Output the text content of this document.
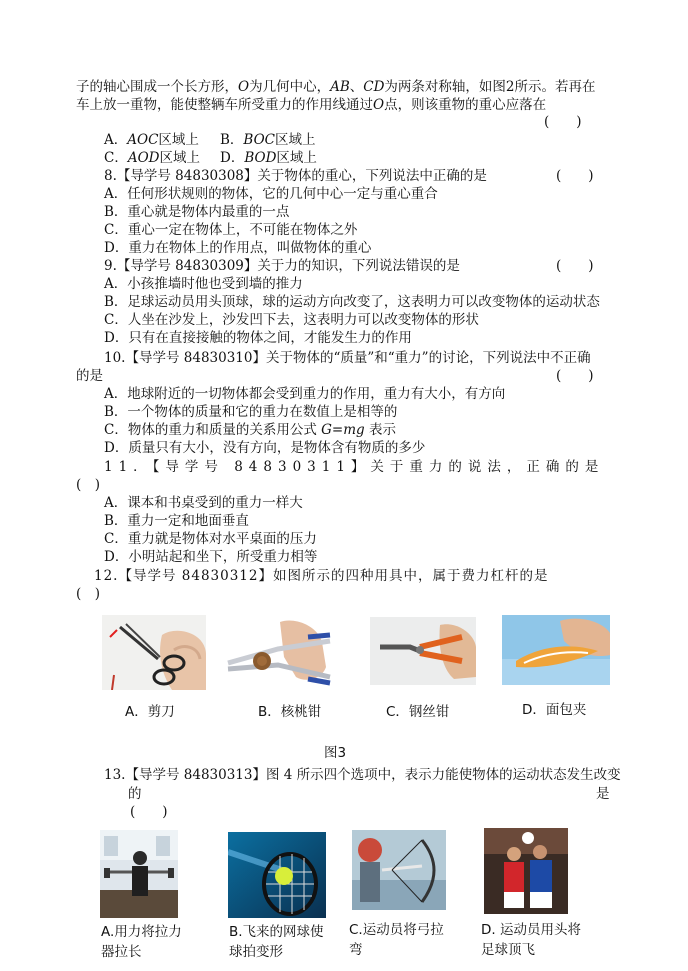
子的轴心围成一个长方形，O为几何中心，AB、CD为两条对称轴，如图2所示。若再在
车上放一重物，能使整辆车所受重力的作用线通过O点，则该重物的重心应落在
(　　)
A．AOC区域上 B．BOC区域上
C．AOD区域上 D．BOD区域上
8.【导学号 84830308】关于物体的重心，下列说法中正确的是	(　　)
A．任何形状规则的物体，它的几何中心一定与重心重合
B．重心就是物体内最重的一点
C．重心一定在物体上，不可能在物体之外
D．重力在物体上的作用点，叫做物体的重心
9.【导学号 84830309】关于力的知识，下列说法错误的是	(　　)
A．小孩推墙时他也受到墙的推力
B．足球运动员用头顶球，球的运动方向改变了，这表明力可以改变物体的运动状态
C．人坐在沙发上，沙发凹下去，这表明力可以改变物体的形状
D．只有在直接接触的物体之间，才能发生力的作用
10.【导学号 84830310】关于物体的“质量”和“重力”的讨论，下列说法中不正确
的是	(　　)
A．地球附近的一切物体都会受到重力的作用，重力有大小，有方向
B．一个物体的质量和它的重力在数值上是相等的
C．物体的重力和质量的关系用公式 G=mg 表示
D．质量只有大小，没有方向，是物体含有物质的多少
11．【导学号 84830311】关于重力的说法，正确的是
(　)
A．课本和书桌受到的重力一样大
B．重力一定和地面垂直
C．重力就是物体对水平桌面的压力
D．小明站起和坐下，所受重力相等
12.【导学号 84830312】如图所示的四种用具中，属于费力杠杆的是
(　)
A．剪刀	B．核桃钳	C．钢丝钳	D．面包夹
图3
13.【导学号 84830313】图 4 所示四个选项中，表示力能使物体的运动状态发生改变
的	是
(　　)
A.用力将拉力
器拉长
B.飞来的网球使
球拍变形
C.运动员将弓拉
弯
D. 运动员用头将
足球顶飞
